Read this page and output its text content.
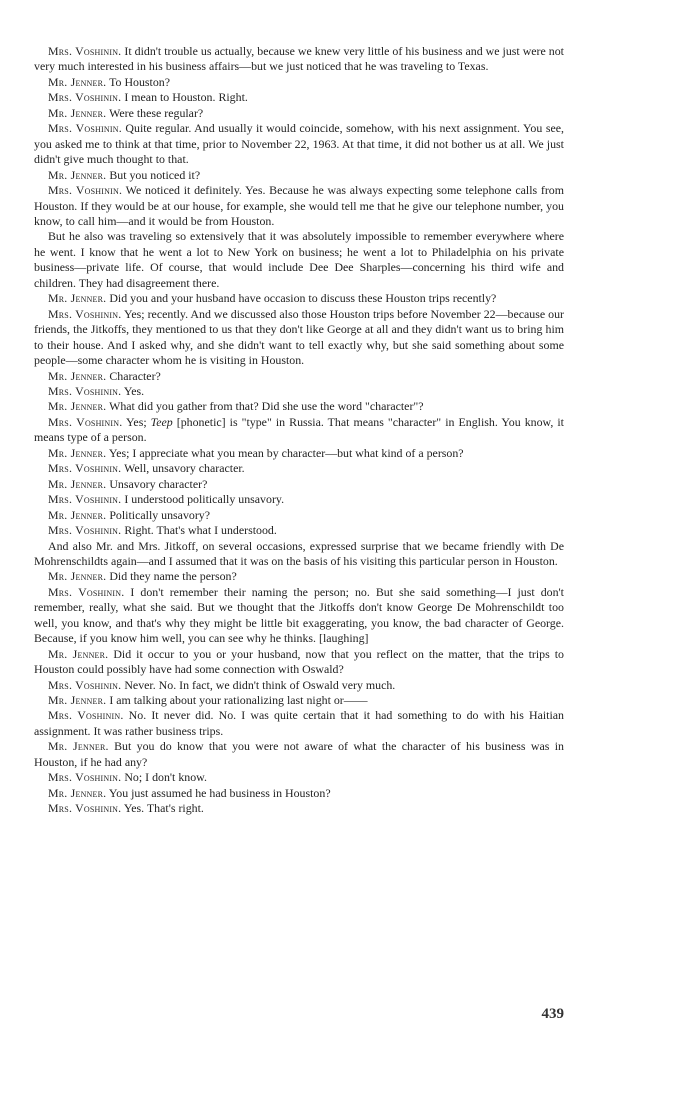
Mrs. Voshinin. It didn't trouble us actually, because we knew very little of his business and we just were not very much interested in his business affairs—but we just noticed that he was traveling to Texas.

Mr. Jenner. To Houston?

Mrs. Voshinin. I mean to Houston. Right.

Mr. Jenner. Were these regular?

Mrs. Voshinin. Quite regular. And usually it would coincide, somehow, with his next assignment. You see, you asked me to think at that time, prior to November 22, 1963. At that time, it did not bother us at all. We just didn't give much thought to that.

Mr. Jenner. But you noticed it?

Mrs. Voshinin. We noticed it definitely. Yes. Because he was always expecting some telephone calls from Houston. If they would be at our house, for example, she would tell me that he give our telephone number, you know, to call him—and it would be from Houston.

But he also was traveling so extensively that it was absolutely impossible to remember everywhere where he went. I know that he went a lot to New York on business; he went a lot to Philadelphia on his private business—private life. Of course, that would include Dee Dee Sharples—concerning his third wife and children. They had disagreement there.

Mr. Jenner. Did you and your husband have occasion to discuss these Houston trips recently?

Mrs. Voshinin. Yes; recently. And we discussed also those Houston trips before November 22—because our friends, the Jitkoffs, they mentioned to us that they don't like George at all and they didn't want us to bring him to their house. And I asked why, and she didn't want to tell exactly why, but she said something about some people—some character whom he is visiting in Houston.

Mr. Jenner. Character?

Mrs. Voshinin. Yes.

Mr. Jenner. What did you gather from that? Did she use the word "character"?

Mrs. Voshinin. Yes; Teep [phonetic] is "type" in Russia. That means "character" in English. You know, it means type of a person.

Mr. Jenner. Yes; I appreciate what you mean by character—but what kind of a person?

Mrs. Voshinin. Well, unsavory character.

Mr. Jenner. Unsavory character?

Mrs. Voshinin. I understood politically unsavory.

Mr. Jenner. Politically unsavory?

Mrs. Voshinin. Right. That's what I understood.

And also Mr. and Mrs. Jitkoff, on several occasions, expressed surprise that we became friendly with De Mohrenschildts again—and I assumed that it was on the basis of his visiting this particular person in Houston.

Mr. Jenner. Did they name the person?

Mrs. Voshinin. I don't remember their naming the person; no. But she said something—I just don't remember, really, what she said. But we thought that the Jitkoffs don't know George De Mohrenschildt too well, you know, and that's why they might be little bit exaggerating, you know, the bad character of George. Because, if you know him well, you can see why he thinks. [laughing]

Mr. Jenner. Did it occur to you or your husband, now that you reflect on the matter, that the trips to Houston could possibly have had some connection with Oswald?

Mrs. Voshinin. Never. No. In fact, we didn't think of Oswald very much.

Mr. Jenner. I am talking about your rationalizing last night or——

Mrs. Voshinin. No. It never did. No. I was quite certain that it had something to do with his Haitian assignment. It was rather business trips.

Mr. Jenner. But you do know that you were not aware of what the character of his business was in Houston, if he had any?

Mrs. Voshinin. No; I don't know.

Mr. Jenner. You just assumed he had business in Houston?

Mrs. Voshinin. Yes. That's right.

439
